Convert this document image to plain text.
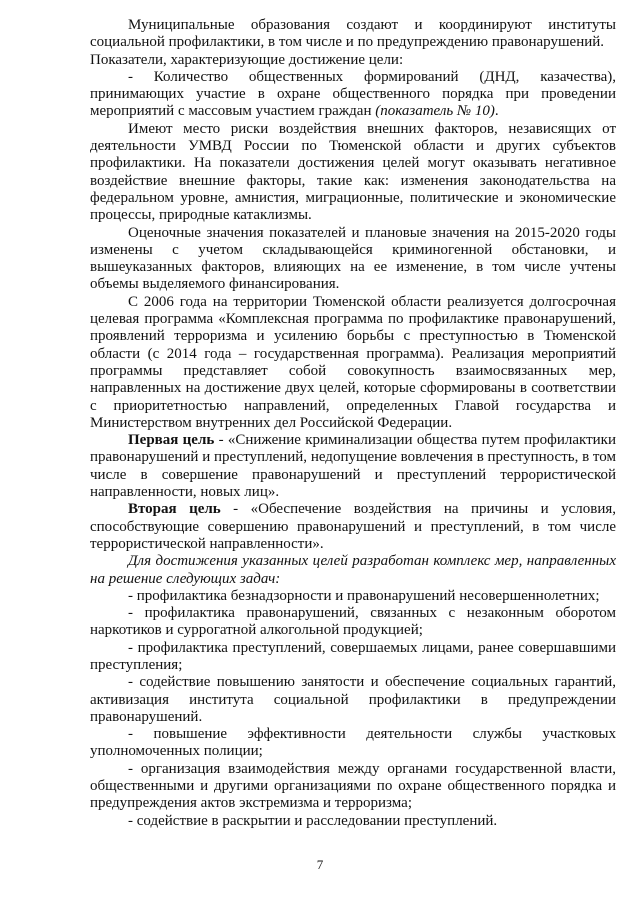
Муниципальные образования создают и координируют институты социальной профилактики, в том числе и по предупреждению правонарушений.

Показатели, характеризующие достижение цели:

- Количество общественных формирований (ДНД, казачества), принимающих участие в охране общественного порядка при проведении мероприятий с массовым участием граждан (показатель № 10).

Имеют место риски воздействия внешних факторов, независящих от деятельности УМВД России по Тюменской области и других субъектов профилактики. На показатели достижения целей могут оказывать негативное воздействие внешние факторы, такие как: изменения законодательства на федеральном уровне, амнистия, миграционные, политические и экономические процессы, природные катаклизмы.

Оценочные значения показателей и плановые значения на 2015-2020 годы изменены с учетом складывающейся криминогенной обстановки, и вышеуказанных факторов, влияющих на ее изменение, в том числе учтены объемы выделяемого финансирования.

С 2006 года на территории Тюменской области реализуется долгосрочная целевая программа «Комплексная программа по профилактике правонарушений, проявлений терроризма и усилению борьбы с преступностью в Тюменской области (с 2014 года – государственная программа). Реализация мероприятий программы представляет собой совокупность взаимосвязанных мер, направленных на достижение двух целей, которые сформированы в соответствии с приоритетностью направлений, определенных Главой государства и Министерством внутренних дел Российской Федерации.

Первая цель - «Снижение криминализации общества путем профилактики правонарушений и преступлений, недопущение вовлечения в преступность, в том числе в совершение правонарушений и преступлений террористической направленности, новых лиц».

Вторая цель - «Обеспечение воздействия на причины и условия, способствующие совершению правонарушений и преступлений, в том числе террористической направленности».

Для достижения указанных целей разработан комплекс мер, направленных на решение следующих задач:

- профилактика безнадзорности и правонарушений несовершеннолетних;

- профилактика правонарушений, связанных с незаконным оборотом наркотиков и суррогатной алкогольной продукцией;

- профилактика преступлений, совершаемых лицами, ранее совершавшими преступления;

- содействие повышению занятости и обеспечение социальных гарантий, активизация института социальной профилактики в предупреждении правонарушений.

- повышение эффективности деятельности службы участковых уполномоченных полиции;

- организация взаимодействия между органами государственной власти, общественными и другими организациями по охране общественного порядка и предупреждения актов экстремизма и терроризма;

- содействие в раскрытии и расследовании преступлений.

7
